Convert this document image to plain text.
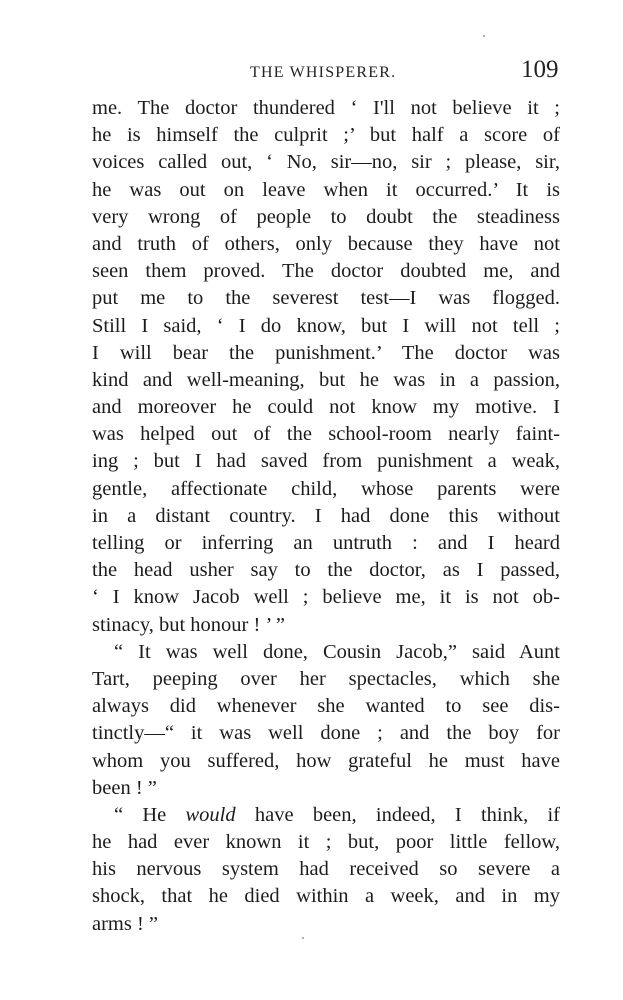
THE WHISPERER.	109
me. The doctor thundered ‘ I'll not believe it ;
he is himself the culprit ;’ but half a score of
voices called out, ‘ No, sir—no, sir ; please, sir,
he was out on leave when it occurred.’ It is
very wrong of people to doubt the steadiness
and truth of others, only because they have not
seen them proved. The doctor doubted me, and
put me to the severest test—I was flogged.
Still I said, ‘ I do know, but I will not tell ;
I will bear the punishment.’ The doctor was
kind and well-meaning, but he was in a passion,
and moreover he could not know my motive. I
was helped out of the school-room nearly faint-
ing ; but I had saved from punishment a weak,
gentle, affectionate child, whose parents were
in a distant country. I had done this without
telling or inferring an untruth : and I heard
the head usher say to the doctor, as I passed,
‘ I know Jacob well ; believe me, it is not ob-
stinacy, but honour ! ’ ”
“ It was well done, Cousin Jacob,” said Aunt
Tart, peeping over her spectacles, which she
always did whenever she wanted to see dis-
tinctly—“ it was well done ; and the boy for
whom you suffered, how grateful he must have
been ! ”
“ He would have been, indeed, I think, if
he had ever known it ; but, poor little fellow,
his nervous system had received so severe a
shock, that he died within a week, and in my
arms ! ”
